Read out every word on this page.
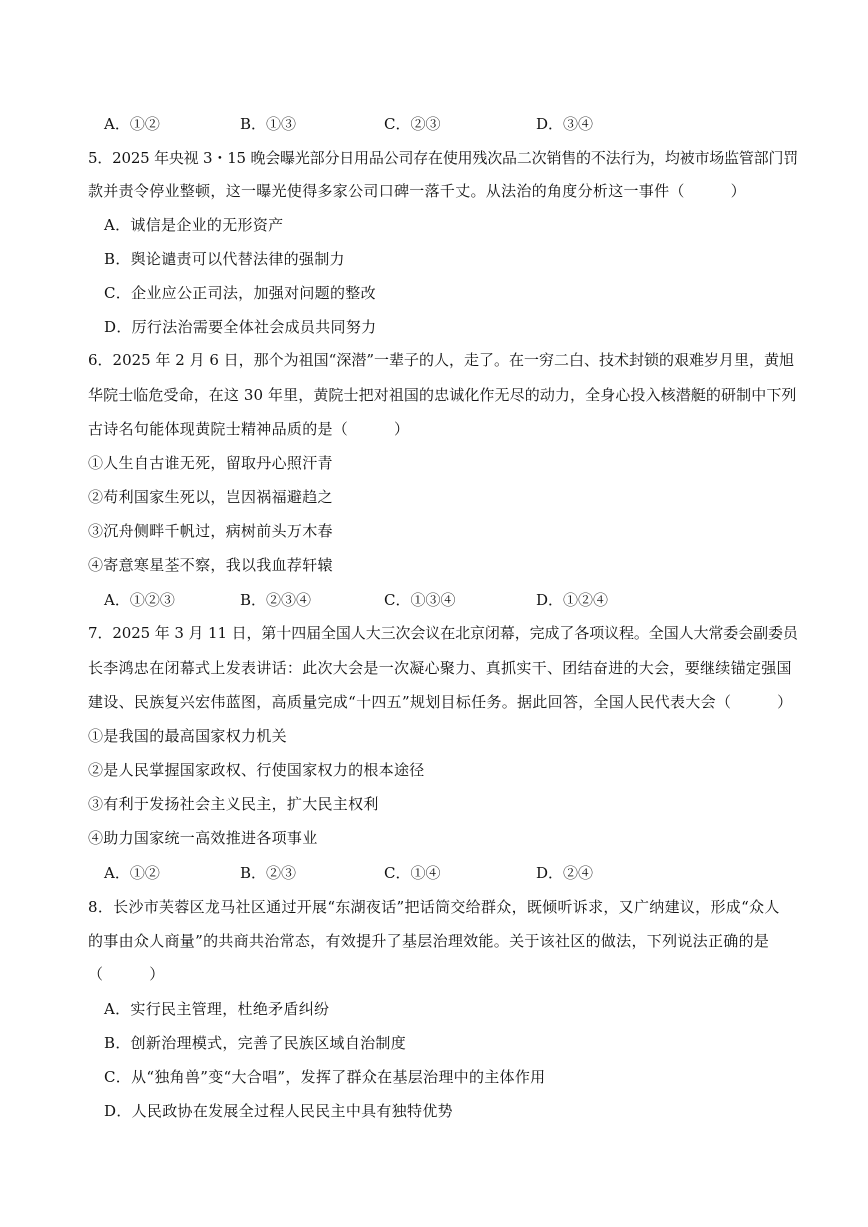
A．①②	B．①③	C．②③	D．③④
5．2025 年央视 3・15 晚会曝光部分日用品公司存在使用残次品二次销售的不法行为，均被市场监管部门罚
款并责令停业整顿，这一曝光使得多家公司口碑一落千丈。从法治的角度分析这一事件（　　　）
A．诚信是企业的无形资产
B．舆论谴责可以代替法律的强制力
C．企业应公正司法，加强对问题的整改
D．厉行法治需要全体社会成员共同努力
6．2025 年 2 月 6 日，那个为祖国“深潜”一辈子的人，走了。在一穷二白、技术封锁的艰难岁月里，黄旭
华院士临危受命，在这 30 年里，黄院士把对祖国的忠诚化作无尽的动力，全身心投入核潜艇的研制中下列
古诗名句能体现黄院士精神品质的是（　　　）
①人生自古谁无死，留取丹心照汗青
②苟利国家生死以，岂因祸福避趋之
③沉舟侧畔千帆过，病树前头万木春
④寄意寒星荃不察，我以我血荐轩辕
A．①②③	B．②③④	C．①③④	D．①②④
7．2025 年 3 月 11 日，第十四届全国人大三次会议在北京闭幕，完成了各项议程。全国人大常委会副委员
长李鸿忠在闭幕式上发表讲话：此次大会是一次凝心聚力、真抓实干、团结奋进的大会，要继续锚定强国
建设、民族复兴宏伟蓝图，高质量完成“十四五”规划目标任务。据此回答，全国人民代表大会（　　　）
①是我国的最高国家权力机关
②是人民掌握国家政权、行使国家权力的根本途径
③有利于发扬社会主义民主，扩大民主权利
④助力国家统一高效推进各项事业
A．①②	B．②③	C．①④	D．②④
8．长沙市芙蓉区龙马社区通过开展“东湖夜话”把话筒交给群众，既倾听诉求，又广纳建议，形成“众人
的事由众人商量”的共商共治常态，有效提升了基层治理效能。关于该社区的做法，下列说法正确的是
（　　　）
A．实行民主管理，杜绝矛盾纠纷
B．创新治理模式，完善了民族区域自治制度
C．从“独角兽”变“大合唱”，发挥了群众在基层治理中的主体作用
D．人民政协在发展全过程人民民主中具有独特优势
